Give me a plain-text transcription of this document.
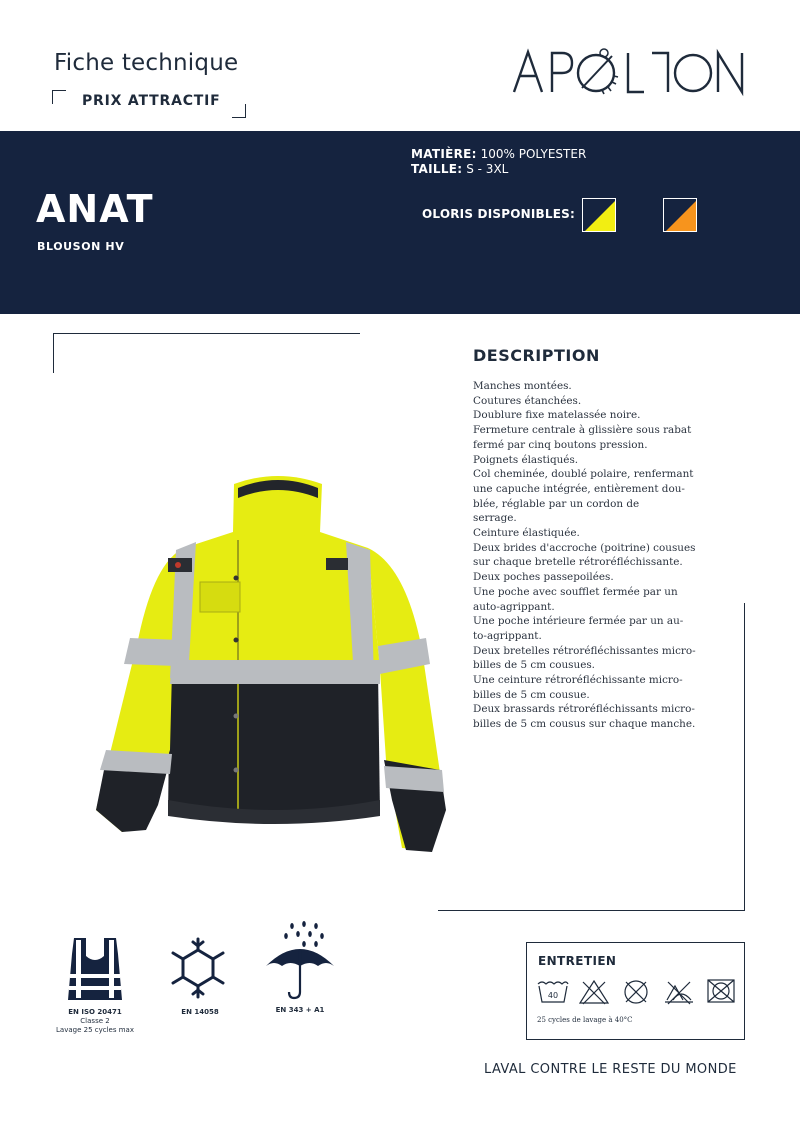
Fiche technique
PRIX ATTRACTIF
MATIÈRE: 100% POLYESTER
TAILLE: S - 3XL
ANAT
BLOUSON HV
OLORIS DISPONIBLES:
DESCRIPTION
Manches montées.
Coutures étanchées.
Doublure fixe matelassée noire.
Fermeture centrale à glissière sous rabat
fermé par cinq boutons pression.
Poignets élastiqués.
Col cheminée, doublé polaire, renfermant
une capuche intégrée, entièrement dou-
blée, réglable par un cordon de
serrage.
Ceinture élastiquée.
Deux brides d'accroche (poitrine) cousues
sur chaque bretelle rétroréfléchissante.
Deux poches passepoilées.
Une poche avec soufflet fermée par un
auto-agrippant.
Une poche intérieure fermée par un au-
to-agrippant.
Deux bretelles rétroréfléchissantes micro-
billes de 5 cm cousues.
Une ceinture rétroréfléchissante micro-
billes de 5 cm cousue.
Deux brassards rétroréfléchissants micro-
billes de 5 cm cousus sur chaque manche.
EN ISO 20471
Classe 2
Lavage 25 cycles max
EN 14058	EN 343 + A1
ENTRETIEN
40
25 cycles de lavage à 40°C
LAVAL CONTRE LE RESTE DU MONDE
